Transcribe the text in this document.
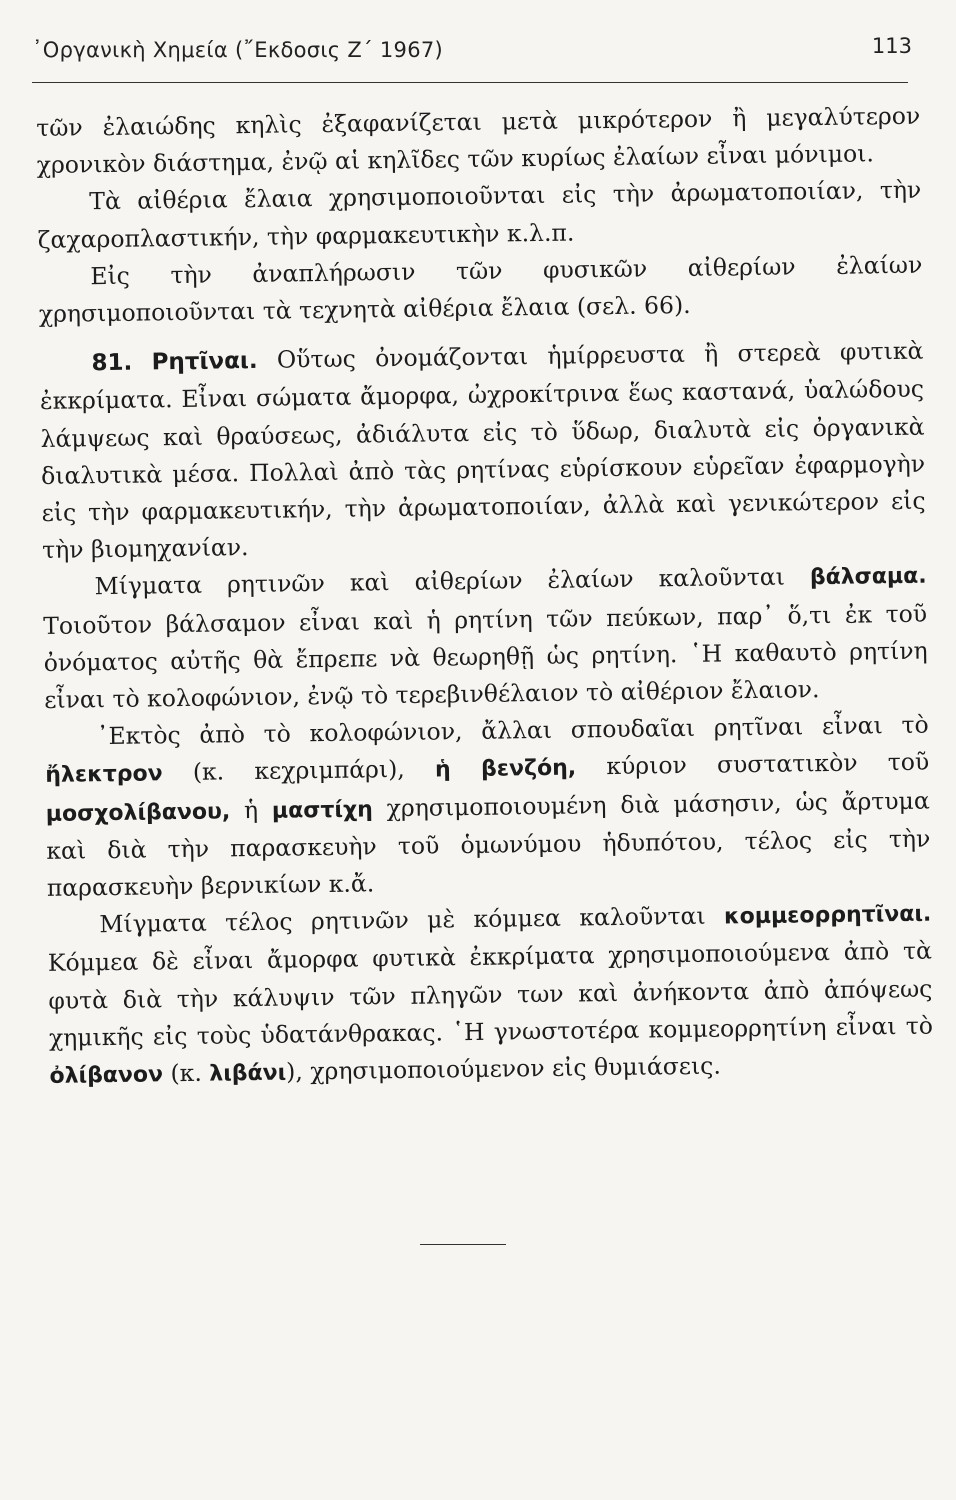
᾿Οργανικὴ Χημεία (῎Εκδοσις Ζ΄ 1967)	113

τῶν ἐλαιώδης κηλὶς ἐξαφανίζεται μετὰ μικρότερον ἢ μεγαλύτερον χρονικὸν διάστημα, ἐνῷ αἱ κηλῖδες τῶν κυρίως ἐλαίων εἶναι μόνιμοι.

Τὰ αἰθέρια ἔλαια χρησιμοποιοῦνται εἰς τὴν ἀρωματοποιίαν, τὴν ζαχαροπλαστικήν, τὴν φαρμακευτικὴν κ.λ.π.

Εἰς τὴν ἀναπλήρωσιν τῶν φυσικῶν αἰθερίων ἐλαίων χρησιμοποιοῦνται τὰ τεχνητὰ αἰθέρια ἔλαια (σελ. 66).

81. Ρητῖναι. Οὕτως ὀνομάζονται ἡμίρρευστα ἢ στερεὰ φυτικὰ ἐκκρίματα. Εἶναι σώματα ἄμορφα, ὠχροκίτρινα ἕως καστανά, ὑαλώδους λάμψεως καὶ θραύσεως, ἀδιάλυτα εἰς τὸ ὕδωρ, διαλυτὰ εἰς ὀργανικὰ διαλυτικὰ μέσα. Πολλαὶ ἀπὸ τὰς ρητίνας εὑρίσκουν εὑρεῖαν ἐφαρμογὴν εἰς τὴν φαρμακευτικήν, τὴν ἀρωματοποιίαν, ἀλλὰ καὶ γενικώτερον εἰς τὴν βιομηχανίαν.

Μίγματα ρητινῶν καὶ αἰθερίων ἐλαίων καλοῦνται βάλσαμα. Τοιοῦτον βάλσαμον εἶναι καὶ ἡ ρητίνη τῶν πεύκων, παρ᾿ ὅ,τι ἐκ τοῦ ὀνόματος αὐτῆς θὰ ἔπρεπε νὰ θεωρηθῇ ὡς ρητίνη. ῾Η καθαυτὸ ρητίνη εἶναι τὸ κολοφώνιον, ἐνῷ τὸ τερεβινθέλαιον τὸ αἰθέριον ἔλαιον.

᾿Εκτὸς ἀπὸ τὸ κολοφώνιον, ἄλλαι σπουδαῖαι ρητῖναι εἶναι τὸ ἤλεκτρον (κ. κεχριμπάρι), ἡ βενζόη, κύριον συστατικὸν τοῦ μοσχολίβανου, ἡ μαστίχη χρησιμοποιουμένη διὰ μάσησιν, ὡς ἄρτυμα καὶ διὰ τὴν παρασκευὴν τοῦ ὁμωνύμου ἡδυπότου, τέλος εἰς τὴν παρασκευὴν βερνικίων κ.ἄ.

Μίγματα τέλος ρητινῶν μὲ κόμμεα καλοῦνται κομμεορρητῖναι. Κόμμεα δὲ εἶναι ἄμορφα φυτικὰ ἐκκρίματα χρησιμοποιούμενα ἀπὸ τὰ φυτὰ διὰ τὴν κάλυψιν τῶν πληγῶν των καὶ ἀνήκοντα ἀπὸ ἀπόψεως χημικῆς εἰς τοὺς ὑδατάνθρακας. ῾Η γνωστοτέρα κομμεορρητίνη εἶναι τὸ ὀλίβανον (κ. λιβάνι), χρησιμοποιούμενον εἰς θυμιάσεις.
